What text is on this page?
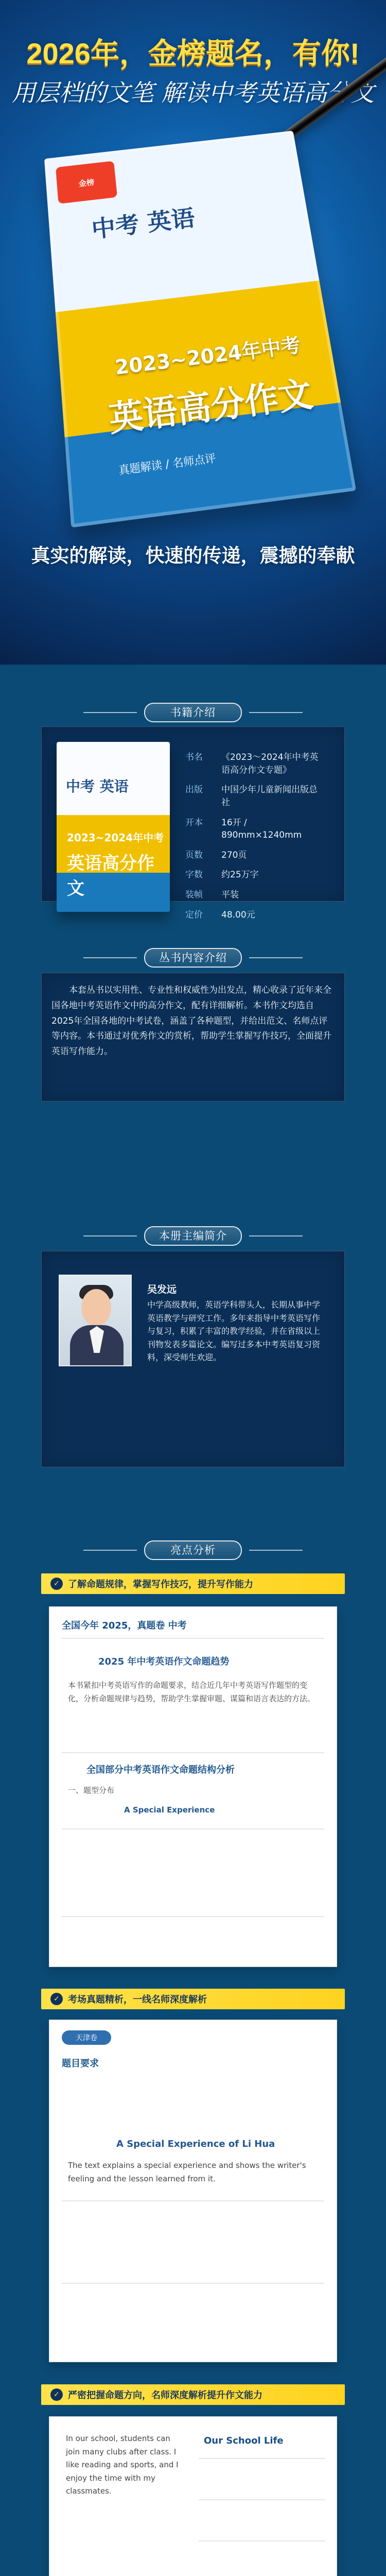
2026年，金榜题名，有你!
用层档的文笔 解读中考英语高分文
金榜
中考 英语
2023~2024年中考
英语高分作文
真题解读 / 名师点评
真实的解读，快速的传递，震撼的奉献
书籍介绍
中考 英语
2023~2024年中考
英语高分作文
书名	《2023～2024年中考英语高分作文专题》
出版	中国少年儿童新闻出版总社
开本	16开 / 890mm×1240mm
页数	270页
字数	约25万字
装帧	平装
定价	48.00元
丛书内容介绍
本套丛书以实用性、专业性和权威性为出发点，精心收录了近年来全国各地中考英语作文中的高分作文，配有详细解析。本书作文均选自2025年全国各地的中考试卷，涵盖了各种题型，并给出范文、名师点评等内容。本书通过对优秀作文的赏析，帮助学生掌握写作技巧，全面提升英语写作能力。
本册主编简介
吴发远
中学高级教师，英语学科带头人，长期从事中学英语教学与研究工作。多年来指导中考英语写作与复习，积累了丰富的教学经验，并在省级以上刊物发表多篇论文。编写过多本中考英语复习资料，深受师生欢迎。
亮点分析
✓ 了解命题规律，掌握写作技巧，提升写作能力
全国今年 2025，真题卷 中考
2025 年中考英语作文命题趋势
本书紧扣中考英语写作的命题要求，结合近几年中考英语写作题型的变化，分析命题规律与趋势，帮助学生掌握审题、谋篇和语言表达的方法。
全国部分中考英语作文命题结构分析
一、题型分布
A Special Experience
✓ 考场真题精析，一线名师深度解析
天津卷
题目要求
A Special Experience of Li Hua
The text explains a special experience and shows the writer's feeling and the lesson learned from it.
✓ 严密把握命题方向，名师深度解析提升作文能力
In our school, students can join many clubs after class. I like reading and sports, and I enjoy the time with my classmates.
Our School Life
